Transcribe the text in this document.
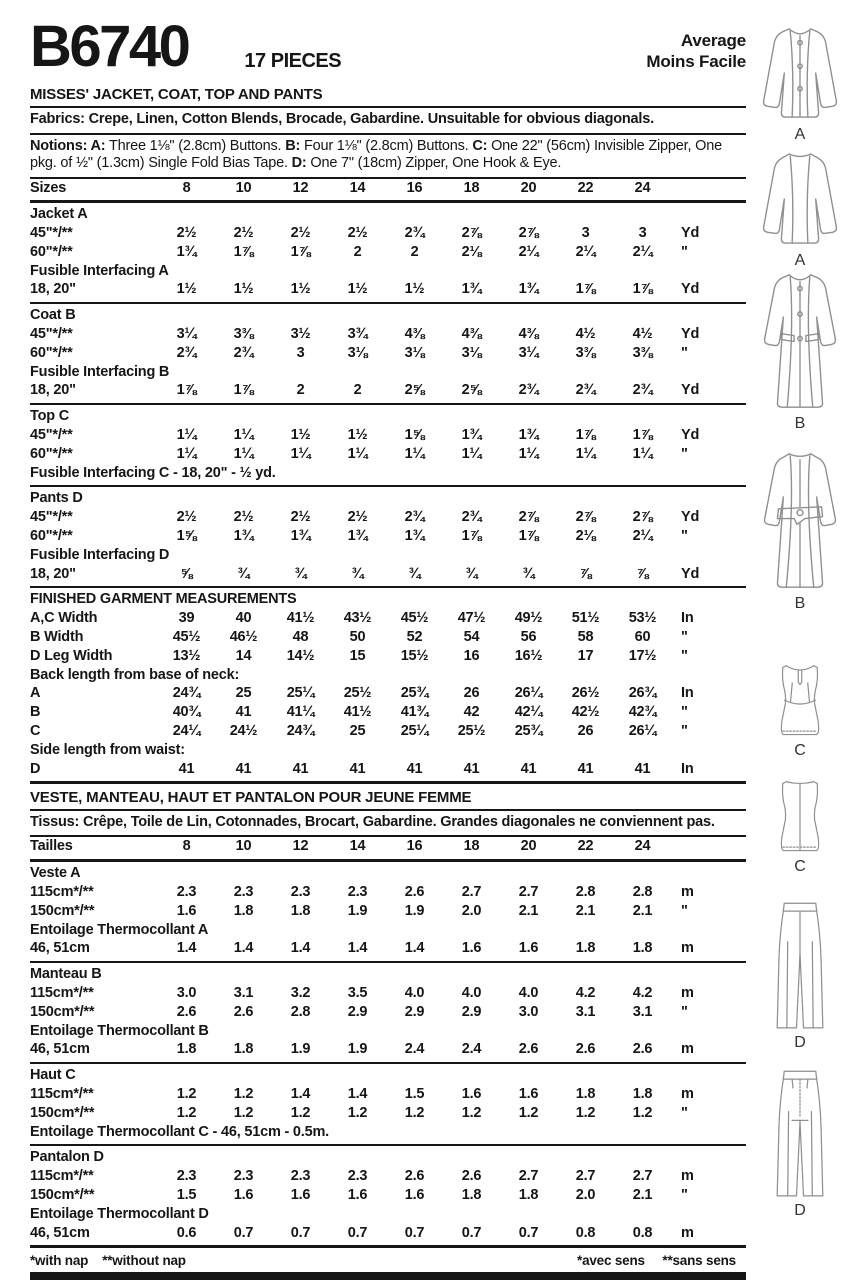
B6740	17 PIECES
Average
Moins Facile
MISSES' JACKET, COAT, TOP AND PANTS
Fabrics: Crepe, Linen, Cotton Blends, Brocade, Gabardine. Unsuitable for obvious diagonals.
Notions: A: Three 1⅛" (2.8cm) Buttons. B: Four 1⅛" (2.8cm) Buttons. C: One 22" (56cm) Invisible Zipper, One pkg. of ½" (1.3cm) Single Fold Bias Tape. D: One 7" (18cm) Zipper, One Hook & Eye.
Sizes	8	10	12	14	16	18	20	22	24
Jacket A
45"*/**	2½	2½	2½	2½	2¾	2⅞	2⅞	3	3	Yd
60"*/**	1¾	1⅞	1⅞	2	2	2⅛	2¼	2¼	2¼	"
Fusible Interfacing A
18, 20"	1½	1½	1½	1½	1½	1¾	1¾	1⅞	1⅞	Yd
Coat B
45"*/**	3¼	3⅜	3½	3¾	4⅜	4⅜	4⅜	4½	4½	Yd
60"*/**	2¾	2¾	3	3⅛	3⅛	3⅛	3¼	3⅜	3⅜	"
Fusible Interfacing B
18, 20"	1⅞	1⅞	2	2	2⅝	2⅝	2¾	2¾	2¾	Yd
Top C
45"*/**	1¼	1¼	1½	1½	1⅝	1¾	1¾	1⅞	1⅞	Yd
60"*/**	1¼	1¼	1¼	1¼	1¼	1¼	1¼	1¼	1¼	"
Fusible Interfacing C - 18, 20" - ½ yd.
Pants D
45"*/**	2½	2½	2½	2½	2¾	2¾	2⅞	2⅞	2⅞	Yd
60"*/**	1⅝	1¾	1¾	1¾	1¾	1⅞	1⅞	2⅛	2¼	"
Fusible Interfacing D
18, 20"	⅝	¾	¾	¾	¾	¾	¾	⅞	⅞	Yd
FINISHED GARMENT MEASUREMENTS
A,C Width	39	40	41½	43½	45½	47½	49½	51½	53½	In
B Width	45½	46½	48	50	52	54	56	58	60	"
D Leg Width	13½	14	14½	15	15½	16	16½	17	17½	"
Back length from base of neck:
A	24¾	25	25¼	25½	25¾	26	26¼	26½	26¾	In
B	40¾	41	41¼	41½	41¾	42	42¼	42½	42¾	"
C	24¼	24½	24¾	25	25¼	25½	25¾	26	26¼	"
Side length from waist:
D	41	41	41	41	41	41	41	41	41	In
VESTE, MANTEAU, HAUT ET PANTALON POUR JEUNE FEMME
Tissus: Crêpe, Toile de Lin, Cotonnades, Brocart, Gabardine. Grandes diagonales ne conviennent pas.
Tailles	8	10	12	14	16	18	20	22	24
Veste A
115cm*/**	2.3	2.3	2.3	2.3	2.6	2.7	2.7	2.8	2.8	m
150cm*/**	1.6	1.8	1.8	1.9	1.9	2.0	2.1	2.1	2.1	"
Entoilage Thermocollant A
46, 51cm	1.4	1.4	1.4	1.4	1.4	1.6	1.6	1.8	1.8	m
Manteau B
115cm*/**	3.0	3.1	3.2	3.5	4.0	4.0	4.0	4.2	4.2	m
150cm*/**	2.6	2.6	2.8	2.9	2.9	2.9	3.0	3.1	3.1	"
Entoilage Thermocollant B
46, 51cm	1.8	1.8	1.9	1.9	2.4	2.4	2.6	2.6	2.6	m
Haut C
115cm*/**	1.2	1.2	1.4	1.4	1.5	1.6	1.6	1.8	1.8	m
150cm*/**	1.2	1.2	1.2	1.2	1.2	1.2	1.2	1.2	1.2	"
Entoilage Thermocollant C - 46, 51cm - 0.5m.
Pantalon D
115cm*/**	2.3	2.3	2.3	2.3	2.6	2.6	2.7	2.7	2.7	m
150cm*/**	1.5	1.6	1.6	1.6	1.6	1.8	1.8	2.0	2.1	"
Entoilage Thermocollant D
46, 51cm	0.6	0.7	0.7	0.7	0.7	0.7	0.7	0.8	0.8	m
*with nap **without nap	*avec sens **sans sens
A
A
B
B
C
C
D
D
